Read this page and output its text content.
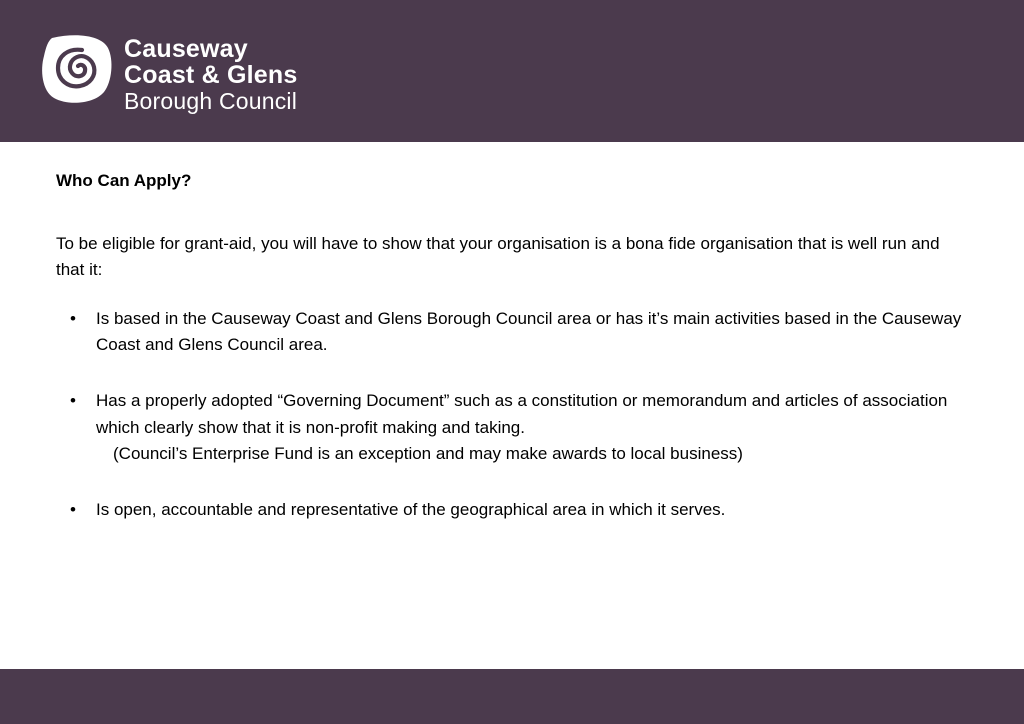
Causeway
Coast & Glens
Borough Council
Who Can Apply?

To be eligible for grant-aid, you will have to show that your organisation is a bona fide organisation that is well run and that it:

• Is based in the Causeway Coast and Glens Borough Council area or has it’s main activities based in the Causeway Coast and Glens Council area.
• Has a properly adopted “Governing Document” such as a constitution or memorandum and articles of association which clearly show that it is non-profit making and taking.
(Council’s Enterprise Fund is an exception and may make awards to local business)
• Is open, accountable and representative of the geographical area in which it serves.
